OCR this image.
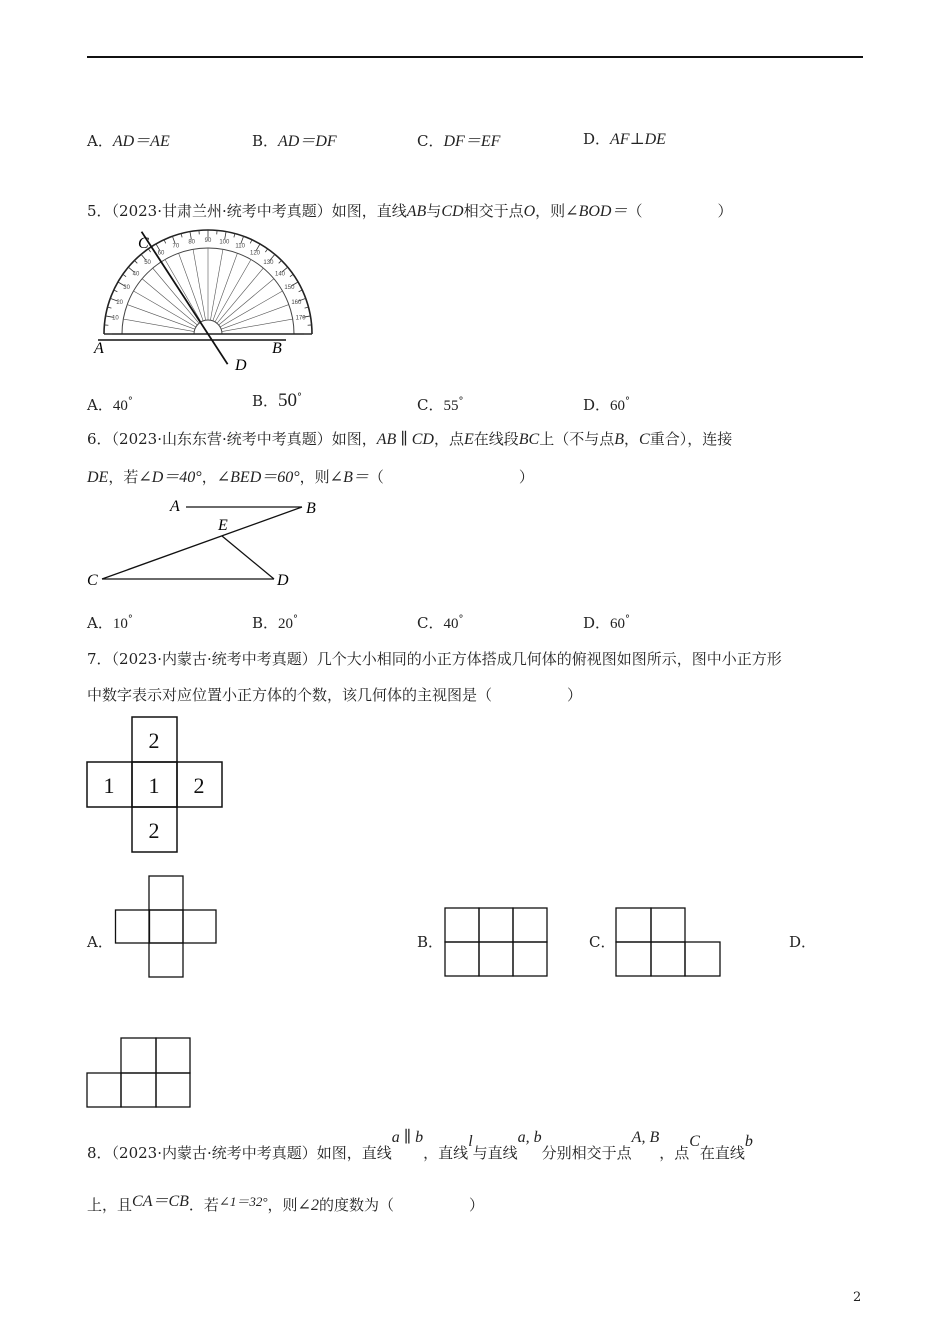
A．AD＝AE	B．AD＝DF	C．DF＝EF	D．AF⊥DE
5．（2023·甘肃兰州·统考中考真题）如图，直线AB与CD相交于点O，则∠BOD＝（　　　　　）
10
20
30
40
50
60
70
80 90 100
110
120
130
140
150
160
170
A	B
C
D
A．40°	B．50°	C．55°	D．60°
6．（2023·山东东营·统考中考真题）如图，AB ∥ CD，点E在线段BC上（不与点B，C重合），连接
DE，若∠D＝40°，∠BED＝60°，则∠B＝（　　　　　　　　　）
A	B
C	D
E
A．10°	B．20°	C．40°	D．60°
7．（2023·内蒙古·统考中考真题）几个大小相同的小正方体搭成几何体的俯视图如图所示，图中小正方形
中数字表示对应位置小正方体的个数，该几何体的主视图是（　　　　　）
2
1 1 2
2
A．	B．	C．	D．
8．（2023·内蒙古·统考中考真题）如图，直线a ∥ b，直线l与直线a, b分别相交于点A, B，点C在直线b
上，且CA＝CB．若∠1＝32°，则∠2的度数为（　　　　　）
2
